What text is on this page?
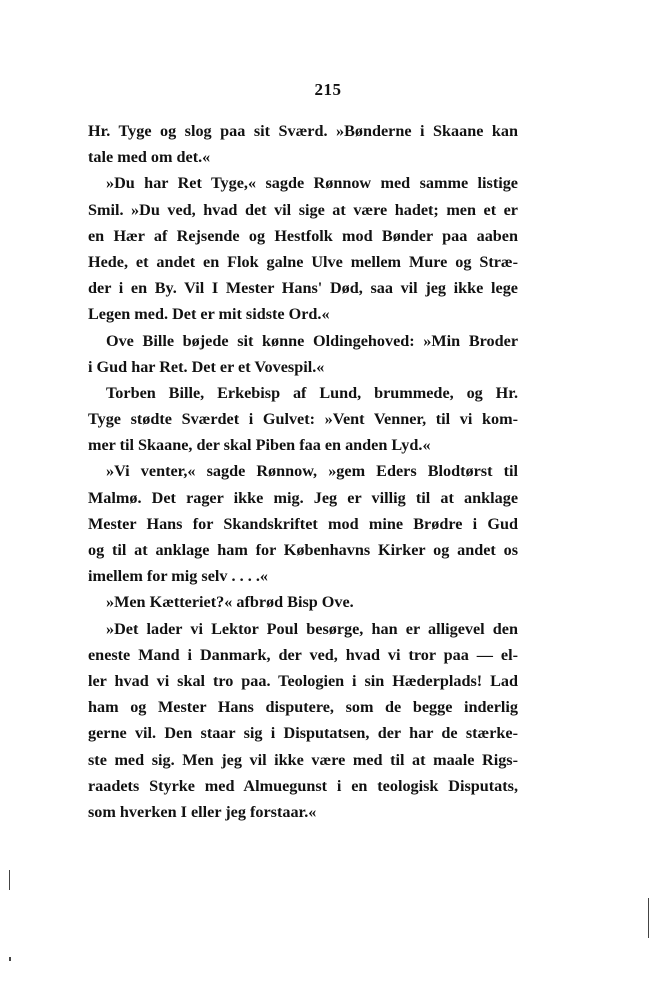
215
Hr. Tyge og slog paa sit Sværd. »Bønderne i Skaane kan
tale med om det.«
»Du har Ret Tyge,« sagde Rønnow med samme listige
Smil. »Du ved, hvad det vil sige at være hadet; men et er
en Hær af Rejsende og Hestfolk mod Bønder paa aaben
Hede, et andet en Flok galne Ulve mellem Mure og Stræ-
der i en By. Vil I Mester Hans' Død, saa vil jeg ikke lege
Legen med. Det er mit sidste Ord.«
Ove Bille bøjede sit kønne Oldingehoved: »Min Broder
i Gud har Ret. Det er et Vovespil.«
Torben Bille, Erkebisp af Lund, brummede, og Hr.
Tyge stødte Sværdet i Gulvet: »Vent Venner, til vi kom-
mer til Skaane, der skal Piben faa en anden Lyd.«
»Vi venter,« sagde Rønnow, »gem Eders Blodtørst til
Malmø. Det rager ikke mig. Jeg er villig til at anklage
Mester Hans for Skandskriftet mod mine Brødre i Gud
og til at anklage ham for Københavns Kirker og andet os
imellem for mig selv . . . .«
»Men Kætteriet?« afbrød Bisp Ove.
»Det lader vi Lektor Poul besørge, han er alligevel den
eneste Mand i Danmark, der ved, hvad vi tror paa — el-
ler hvad vi skal tro paa. Teologien i sin Hæderplads! Lad
ham og Mester Hans disputere, som de begge inderlig
gerne vil. Den staar sig i Disputatsen, der har de stærke-
ste med sig. Men jeg vil ikke være med til at maale Rigs-
raadets Styrke med Almuegunst i en teologisk Disputats,
som hverken I eller jeg forstaar.«
